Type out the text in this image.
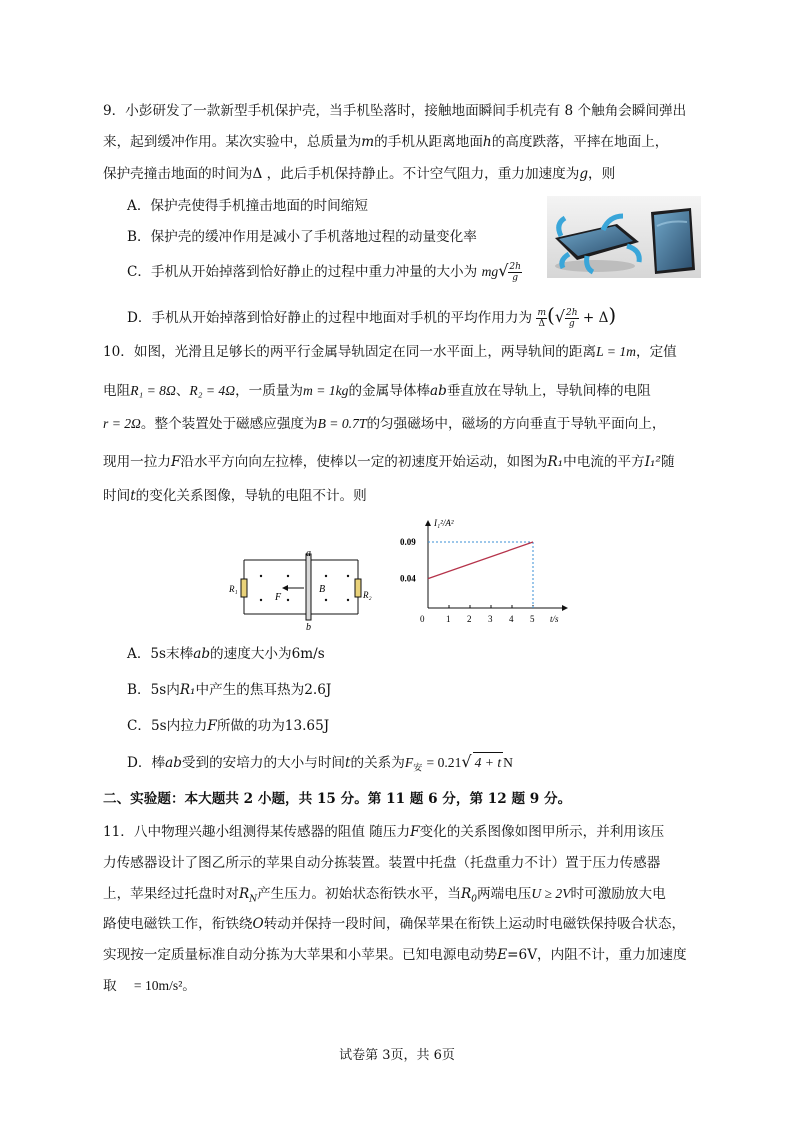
9．小彭研发了一款新型手机保护壳，当手机坠落时，接触地面瞬间手机壳有 8 个触角会瞬间弹出
来，起到缓冲作用。某次实验中，总质量为m的手机从距离地面h的高度跌落，平摔在地面上，
保护壳撞击地面的时间为Δ ，此后手机保持静止。不计空气阻力，重力加速度为g，则
A．保护壳使得手机撞击地面的时间缩短
B．保护壳的缓冲作用是减小了手机落地过程的动量变化率
C．手机从开始掉落到恰好静止的过程中重力冲量的大小为 $mg√ \frac{2h}{g}$
D．手机从开始掉落到恰好静止的过程中地面对手机的平均作用力为 $\frac{m}{\Delta}$ (√ $\frac{2h}{g} + \Delta$)
10．如图，光滑且足够长的两平行金属导轨固定在同一水平面上，两导轨间的距离L = 1m，定值
电阻R₁ = 8Ω、R₂ = 4Ω，一质量为m = 1kg的金属导体棒ab垂直放在导轨上，导轨间棒的电阻
r = 2Ω。整个装置处于磁感应强度为B = 0.7T的匀强磁场中，磁场的方向垂直于导轨平面向上，
现用一拉力F沿水平方向向左拉棒，使棒以一定的初速度开始运动，如图为R₁中电流的平方I₁²随
时间t的变化关系图像，导轨的电阻不计。则
a
b
R₁
R₂
F
B
I₁²/A²
t/s
0 1 2 3 4 5
0.04
0.09
A．5s末棒ab的速度大小为6m/s
B．5s内R₁中产生的焦耳热为2.6J
C．5s内拉力F所做的功为13.65J
D．棒ab受到的安培力的大小与时间t的关系为$F_安 = 0.21√$ 4 + t N
二、实验题：本大题共 2 小题，共 15 分。第 11 题 6 分，第 12 题 9 分。
11．八中物理兴趣小组测得某传感器的阻值 随压力F变化的关系图像如图甲所示，并利用该压
力传感器设计了图乙所示的苹果自动分拣装置。装置中托盘（托盘重力不计）置于压力传感器
上，苹果经过托盘时对$R_N$产生压力。初始状态衔铁水平，当$R_0$两端电压U ≥ 2V时可激励放大电
路使电磁铁工作，衔铁绕O转动并保持一段时间，确保苹果在衔铁上运动时电磁铁保持吸合状态，
实现按一定质量标准自动分拣为大苹果和小苹果。已知电源电动势E=6V，内阻不计，重力加速度
取 = 10m/s²。
试卷第 3页，共 6页
